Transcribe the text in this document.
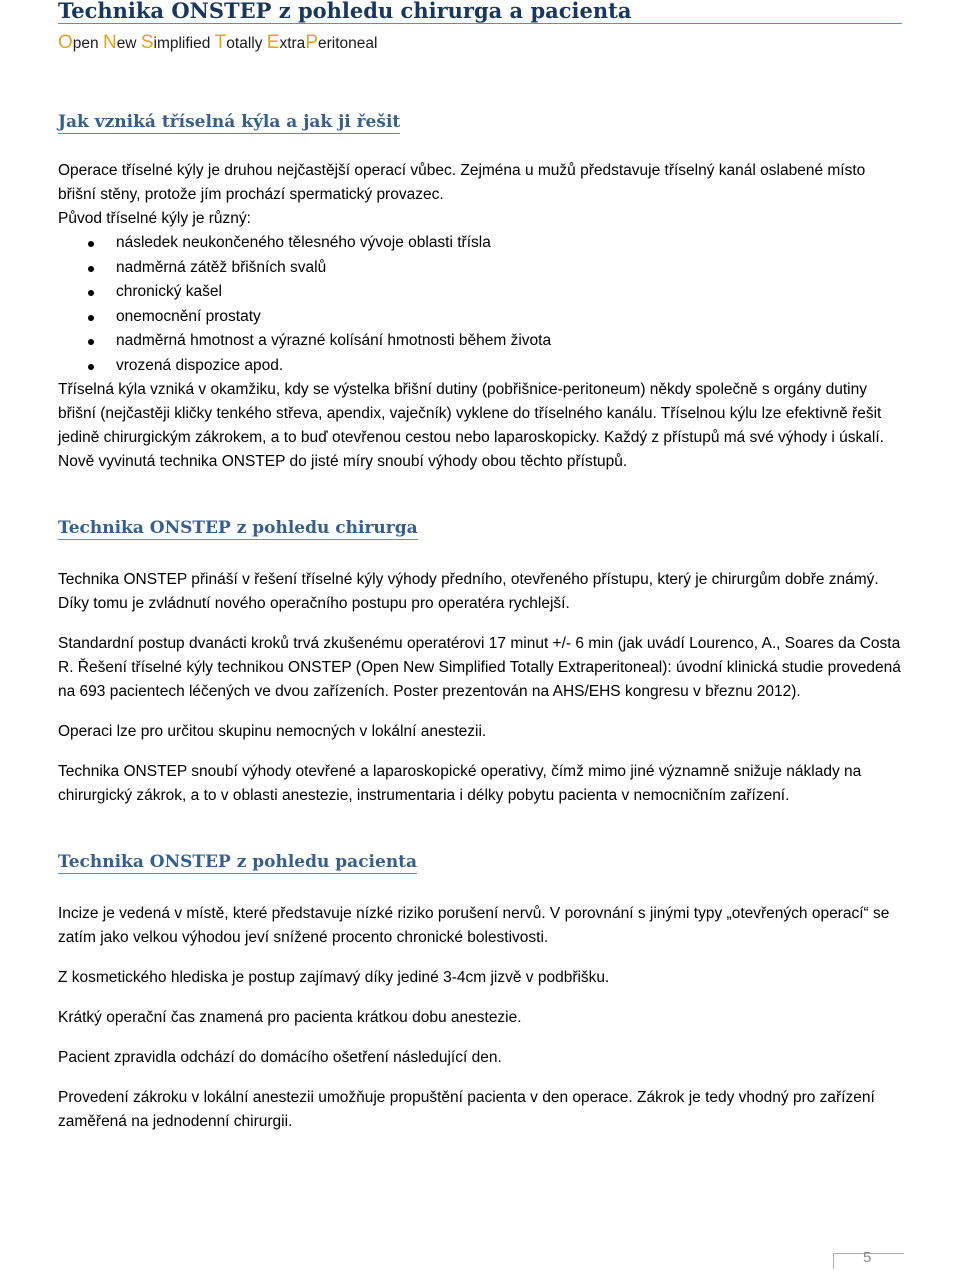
Technika ONSTEP z pohledu chirurga a pacienta

Open New Simplified Totally ExtraPeritoneal

Jak vzniká tříselná kýla a jak ji řešit

Operace tříselné kýly je druhou nejčastější operací vůbec. Zejména u mužů představuje tříselný kanál oslabené místo břišní stěny, protože jím prochází spermatický provazec.

Původ tříselné kýly je různý:

následek neukončeného tělesného vývoje oblasti třísla
nadměrná zátěž břišních svalů
chronický kašel
onemocnění prostaty
nadměrná hmotnost a výrazné kolísání hmotnosti během života
vrozená dispozice apod.

Tříselná kýla vzniká v okamžiku, kdy se výstelka břišní dutiny (pobřišnice-peritoneum) někdy společně s orgány dutiny břišní (nejčastěji kličky tenkého střeva, apendix, vaječník) vyklene do tříselného kanálu. Tříselnou kýlu lze efektivně řešit jedině chirurgickým zákrokem, a to buď otevřenou cestou nebo laparoskopicky. Každý z přístupů má své výhody i úskalí. Nově vyvinutá technika ONSTEP do jisté míry snoubí výhody obou těchto přístupů.

Technika ONSTEP z pohledu chirurga

Technika ONSTEP přináší v řešení tříselné kýly výhody předního, otevřeného přístupu, který je chirurgům dobře známý. Díky tomu je zvládnutí nového operačního postupu pro operatéra rychlejší.

Standardní postup dvanácti kroků trvá zkušenému operatérovi 17 minut +/- 6 min (jak uvádí Lourenco, A., Soares da Costa R. Řešení tříselné kýly technikou ONSTEP (Open New Simplified Totally Extraperitoneal): úvodní klinická studie provedená na 693 pacientech léčených ve dvou zařízeních. Poster prezentován na AHS/EHS kongresu v březnu 2012).

Operaci lze pro určitou skupinu nemocných v lokální anestezii.

Technika ONSTEP snoubí výhody otevřené a laparoskopické operativy, čímž mimo jiné významně snižuje náklady na chirurgický zákrok, a to v oblasti anestezie, instrumentaria i délky pobytu pacienta v nemocničním zařízení.

Technika ONSTEP z pohledu pacienta

Incize je vedená v místě, které představuje nízké riziko porušení nervů. V porovnání s jinými typy „otevřených operací“ se zatím jako velkou výhodou jeví snížené procento chronické bolestivosti.

Z kosmetického hlediska je postup zajímavý díky jediné 3-4cm jizvě v podbřišku.

Krátký operační čas znamená pro pacienta krátkou dobu anestezie.

Pacient zpravidla odchází do domácího ošetření následující den.

Provedení zákroku v lokální anestezii umožňuje propuštění pacienta v den operace. Zákrok je tedy vhodný pro zařízení zaměřená na jednodenní chirurgii.

5
